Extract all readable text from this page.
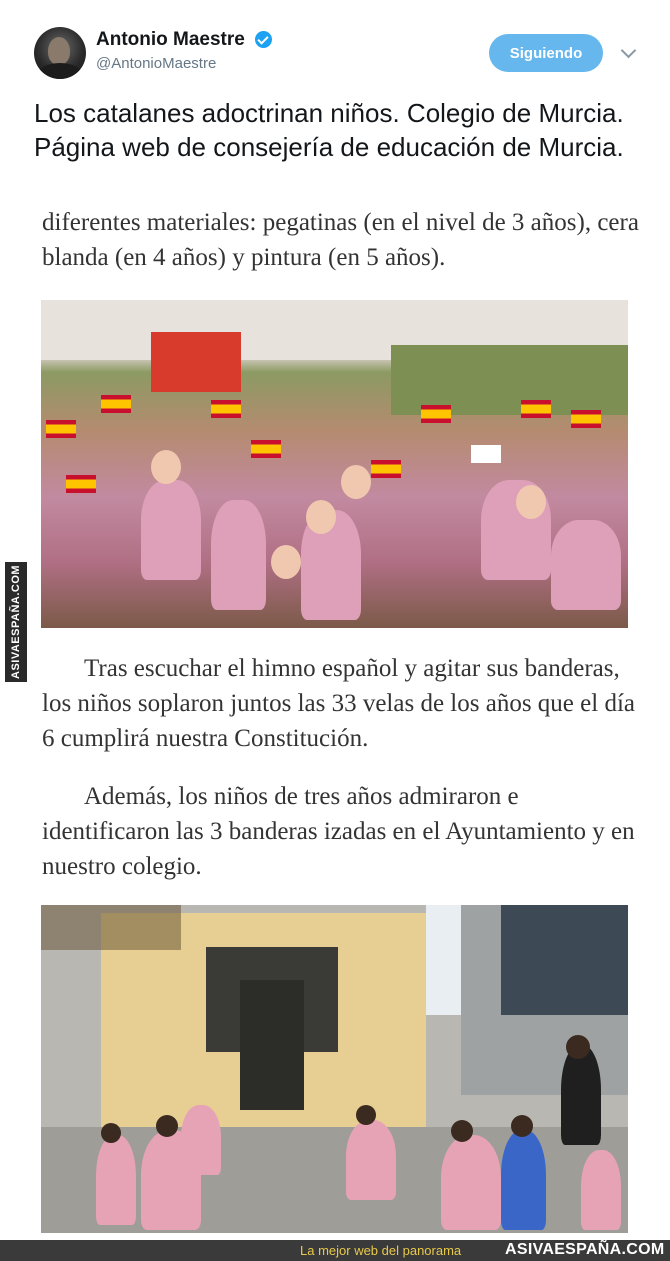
Antonio Maestre
@AntonioMaestre
Siguiendo
Los catalanes adoctrinan niños. Colegio de Murcia. Página web de consejería de educación de Murcia.

diferentes materiales: pegatinas (en el nivel de 3 años), cera blanda (en 4 años) y pintura (en 5 años).

Tras escuchar el himno español y agitar sus banderas, los niños soplaron juntos las 33 velas de los años que el día 6 cumplirá nuestra Constitución.

Además, los niños de tres años admiraron e identificaron las 3 banderas izadas en el Ayuntamiento y en nuestro colegio.

ASIVAESPAÑA.COM
La mejor web del panorama	ASIVAESPAÑA.COM
